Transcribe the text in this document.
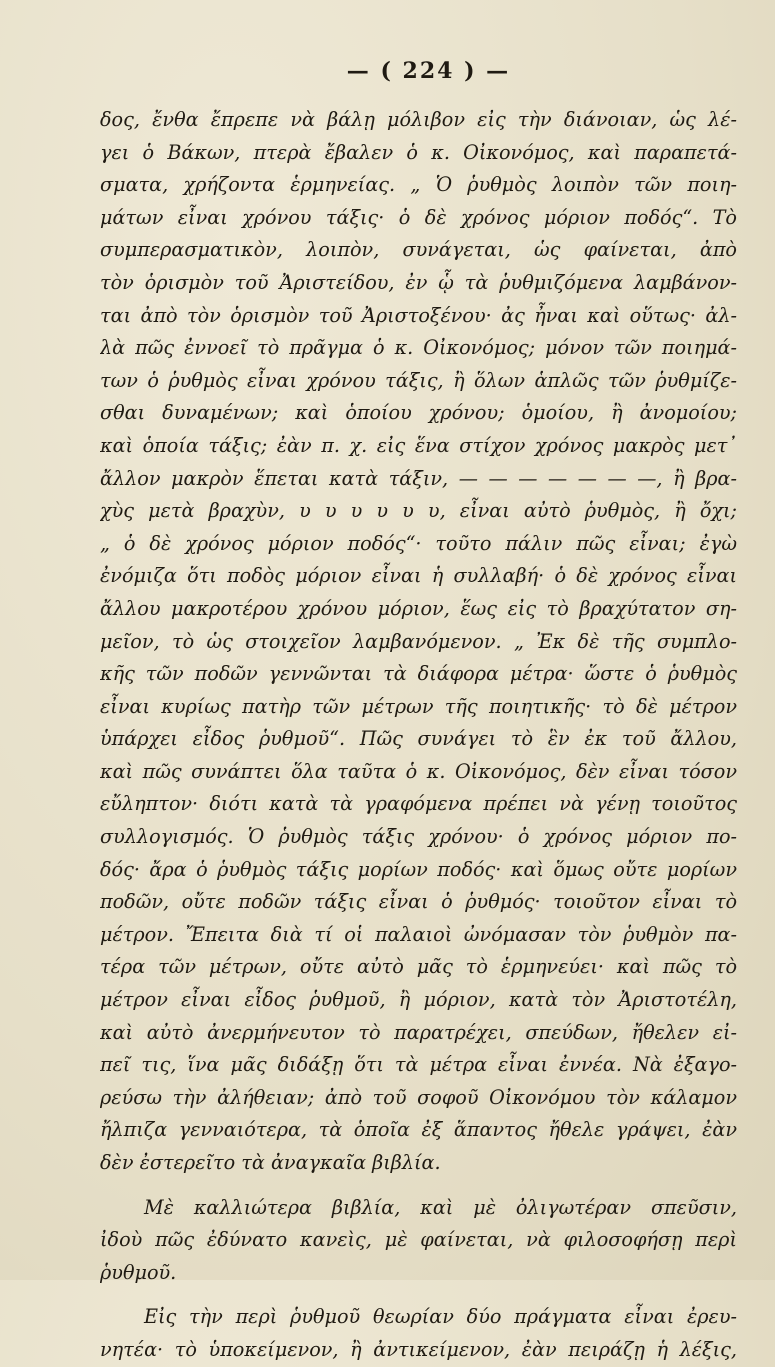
— ( 224 ) —
δος, ἔνθα ἔπρεπε νὰ βάλῃ μόλιβον εἰς τὴν διάνοιαν, ὡς λέ-
γει ὁ Βάκων, πτερὰ ἔβαλεν ὁ κ. Οἰκονόμος, καὶ παραπετά-
σματα, χρήζοντα ἑρμηνείας. „ Ὁ ῥυθμὸς λοιπὸν τῶν ποιη-
μάτων εἶναι χρόνου τάξις· ὁ δὲ χρόνος μόριον ποδός“. Τὸ
συμπερασματικὸν, λοιπὸν, συνάγεται, ὡς φαίνεται, ἀπὸ
τὸν ὁρισμὸν τοῦ Ἀριστείδου, ἐν ᾧ τὰ ῥυθμιζόμενα λαμβάνον-
ται ἀπὸ τὸν ὁρισμὸν τοῦ Ἀριστοξένου· ἀς ἦναι καὶ οὕτως· ἀλ-
λὰ πῶς ἐννοεῖ τὸ πρᾶγμα ὁ κ. Οἰκονόμος; μόνον τῶν ποιημά-
των ὁ ῥυθμὸς εἶναι χρόνου τάξις, ἢ ὅλων ἁπλῶς τῶν ῥυθμίζε-
σθαι δυναμένων; καὶ ὁποίου χρόνου; ὁμοίου, ἢ ἀνομοίου;
καὶ ὁποία τάξις; ἐὰν π. χ. εἰς ἕνα στίχον χρόνος μακρὸς μετ᾽
ἄλλον μακρὸν ἕπεται κατὰ τάξιν, — — — — — — —, ἢ βρα-
χὺς μετὰ βραχὺν, υ υ υ υ υ υ, εἶναι αὐτὸ ῥυθμὸς, ἢ ὄχι;
„ ὁ δὲ χρόνος μόριον ποδός“· τοῦτο πάλιν πῶς εἶναι; ἐγὼ
ἐνόμιζα ὅτι ποδὸς μόριον εἶναι ἡ συλλαβή· ὁ δὲ χρόνος εἶναι
ἄλλου μακροτέρου χρόνου μόριον, ἕως εἰς τὸ βραχύτατον ση-
μεῖον, τὸ ὡς στοιχεῖον λαμβανόμενον. „ Ἐκ δὲ τῆς συμπλο-
κῆς τῶν ποδῶν γεννῶνται τὰ διάφορα μέτρα· ὥστε ὁ ῥυθμὸς
εἶναι κυρίως πατὴρ τῶν μέτρων τῆς ποιητικῆς· τὸ δὲ μέτρον
ὑπάρχει εἶδος ῥυθμοῦ“. Πῶς συνάγει τὸ ἓν ἐκ τοῦ ἄλλου,
καὶ πῶς συνάπτει ὅλα ταῦτα ὁ κ. Οἰκονόμος, δὲν εἶναι τόσον
εὔληπτον· διότι κατὰ τὰ γραφόμενα πρέπει νὰ γένῃ τοιοῦτος
συλλογισμός. Ὁ ῥυθμὸς τάξις χρόνου· ὁ χρόνος μόριον πο-
δός· ἄρα ὁ ῥυθμὸς τάξις μορίων ποδός· καὶ ὅμως οὔτε μορίων
ποδῶν, οὔτε ποδῶν τάξις εἶναι ὁ ῥυθμός· τοιοῦτον εἶναι τὸ
μέτρον. Ἔπειτα διὰ τί οἱ παλαιοὶ ὠνόμασαν τὸν ῥυθμὸν πα-
τέρα τῶν μέτρων, οὔτε αὐτὸ μᾶς τὸ ἑρμηνεύει· καὶ πῶς τὸ
μέτρον εἶναι εἶδος ῥυθμοῦ, ἢ μόριον, κατὰ τὸν Ἀριστοτέλη,
καὶ αὐτὸ ἀνερμήνευτον τὸ παρατρέχει, σπεύδων, ἤθελεν εἰ-
πεῖ τις, ἵνα μᾶς διδάξῃ ὅτι τὰ μέτρα εἶναι ἐννέα. Νὰ ἐξαγο-
ρεύσω τὴν ἀλήθειαν; ἀπὸ τοῦ σοφοῦ Οἰκονόμου τὸν κάλαμον
ἤλπιζα γενναιότερα, τὰ ὁποῖα ἐξ ἅπαντος ἤθελε γράψει, ἐὰν
δὲν ἐστερεῖτο τὰ ἀναγκαῖα βιβλία.
Μὲ καλλιώτερα βιβλία, καὶ μὲ ὀλιγωτέραν σπεῦσιν,
ἰδοὺ πῶς ἐδύνατο κανεὶς, μὲ φαίνεται, νὰ φιλοσοφήσῃ περὶ
ῥυθμοῦ.
Εἰς τὴν περὶ ῥυθμοῦ θεωρίαν δύο πράγματα εἶναι ἐρευ-
νητέα· τὸ ὑποκείμενον, ἢ ἀντικείμενον, ἐὰν πειράζῃ ἡ λέξις,
